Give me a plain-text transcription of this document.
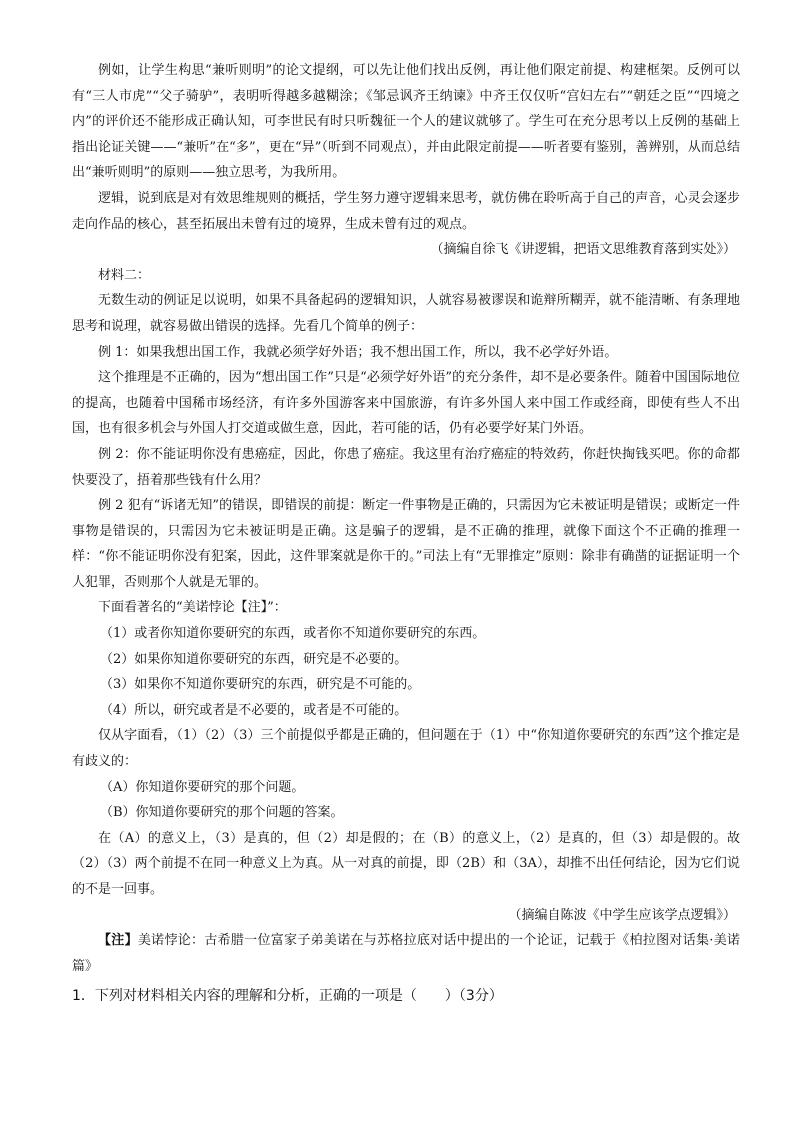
例如，让学生构思“兼听则明”的论文提纲，可以先让他们找出反例，再让他们限定前提、构建框架。反例可以有“三人市虎”“父子骑驴”，表明听得越多越糊涂；《邹忌讽齐王纳谏》中齐王仅仅听“宫妇左右”“朝廷之臣”“四境之内”的评价还不能形成正确认知，可李世民有时只听魏征一个人的建议就够了。学生可在充分思考以上反例的基础上指出论证关键——“兼听”在“多”，更在“异”（听到不同观点），并由此限定前提——听者要有鉴别，善辨别，从而总结出“兼听则明”的原则——独立思考，为我所用。

逻辑，说到底是对有效思维规则的概括，学生努力遵守逻辑来思考，就仿佛在聆听高于自己的声音，心灵会逐步走向作品的核心，甚至拓展出未曾有过的境界，生成未曾有过的观点。

（摘编自徐飞《讲逻辑，把语文思维教育落到实处》）

材料二：

无数生动的例证足以说明，如果不具备起码的逻辑知识，人就容易被谬误和诡辩所糊弄，就不能清晰、有条理地思考和说理，就容易做出错误的选择。先看几个简单的例子：

例 1：如果我想出国工作，我就必须学好外语；我不想出国工作，所以，我不必学好外语。

这个推理是不正确的，因为“想出国工作”只是“必须学好外语”的充分条件，却不是必要条件。随着中国国际地位的提高，也随着中国稀市场经济，有许多外国游客来中国旅游，有许多外国人来中国工作或经商，即使有些人不出国，也有很多机会与外国人打交道或做生意，因此，若可能的话，仍有必要学好某门外语。

例 2：你不能证明你没有患癌症，因此，你患了癌症。我这里有治疗癌症的特效药，你赶快掏钱买吧。你的命都快要没了，捂着那些钱有什么用？

例 2 犯有“诉诸无知”的错误，即错误的前提：断定一件事物是正确的，只需因为它未被证明是错误；或断定一件事物是错误的，只需因为它未被证明是正确。这是骗子的逻辑，是不正确的推理，就像下面这个不正确的推理一样：“你不能证明你没有犯案，因此，这件罪案就是你干的。”司法上有“无罪推定”原则：除非有确凿的证据证明一个人犯罪，否则那个人就是无罪的。

下面看著名的“美诺悖论【注】”：

（1）或者你知道你要研究的东西，或者你不知道你要研究的东西。

（2）如果你知道你要研究的东西，研究是不必要的。

（3）如果你不知道你要研究的东西，研究是不可能的。

（4）所以，研究或者是不必要的，或者是不可能的。

仅从字面看，（1）（2）（3）三个前提似乎都是正确的，但问题在于（1）中“你知道你要研究的东西”这个推定是有歧义的：

（A）你知道你要研究的那个问题。

（B）你知道你要研究的那个问题的答案。

在（A）的意义上，（3）是真的，但（2）却是假的；在（B）的意义上，（2）是真的，但（3）却是假的。故（2）（3）两个前提不在同一种意义上为真。从一对真的前提，即（2B）和（3A），却推不出任何结论，因为它们说的不是一回事。

（摘编自陈波《中学生应该学点逻辑》）

【注】美诺悖论：古希腊一位富家子弟美诺在与苏格拉底对话中提出的一个论证，记载于《柏拉图对话集·美诺篇》

1．下列对材料相关内容的理解和分析，正确的一项是（　　）（3分）
